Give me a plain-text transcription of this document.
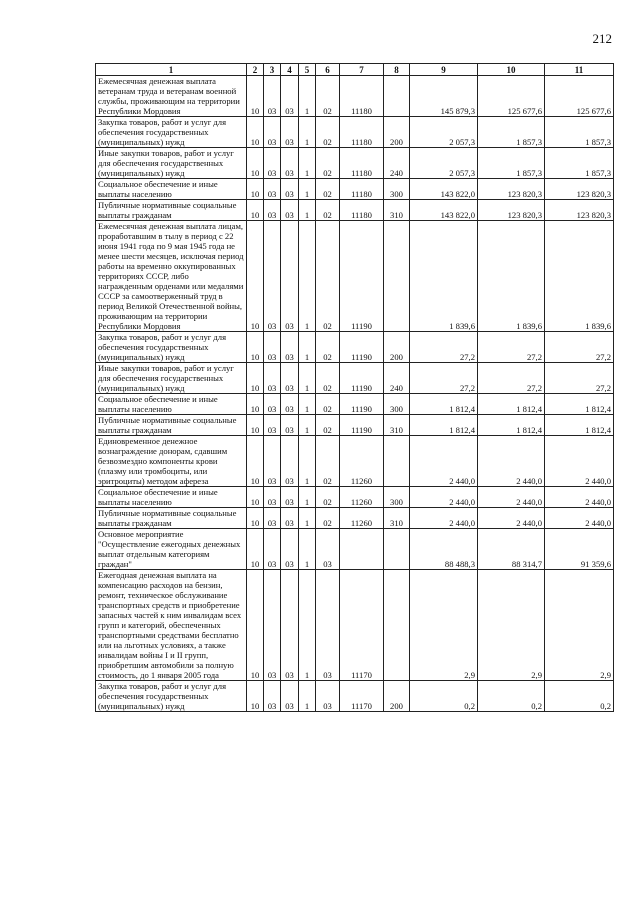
212
1	2	3	4	5	6	7	8	9	10	11
Ежемесячная денежная выплата ветеранам труда и ветеранам военной службы, проживающим на территории Республики Мордовия	10	03	03	1	02	11180		145 879,3	125 677,6	125 677,6
Закупка товаров, работ и услуг для обеспечения государственных (муниципальных) нужд	10	03	03	1	02	11180	200	2 057,3	1 857,3	1 857,3
Иные закупки товаров, работ и услуг для обеспечения государственных (муниципальных) нужд	10	03	03	1	02	11180	240	2 057,3	1 857,3	1 857,3
Социальное обеспечение и иные выплаты населению	10	03	03	1	02	11180	300	143 822,0	123 820,3	123 820,3
Публичные нормативные социальные выплаты гражданам	10	03	03	1	02	11180	310	143 822,0	123 820,3	123 820,3
Ежемесячная денежная выплата лицам, проработавшим в тылу в период с 22 июня 1941 года по 9 мая 1945 года не менее шести месяцев, исключая период работы на временно оккупированных территориях СССР, либо награжденным орденами или медалями СССР за самоотверженный труд в период Великой Отечественной войны, проживающим на территории Республики Мордовия	10	03	03	1	02	11190		1 839,6	1 839,6	1 839,6
Закупка товаров, работ и услуг для обеспечения государственных (муниципальных) нужд	10	03	03	1	02	11190	200	27,2	27,2	27,2
Иные закупки товаров, работ и услуг для обеспечения государственных (муниципальных) нужд	10	03	03	1	02	11190	240	27,2	27,2	27,2
Социальное обеспечение и иные выплаты населению	10	03	03	1	02	11190	300	1 812,4	1 812,4	1 812,4
Публичные нормативные социальные выплаты гражданам	10	03	03	1	02	11190	310	1 812,4	1 812,4	1 812,4
Единовременное денежное вознаграждение донорам, сдавшим безвозмездно компоненты крови (плазму или тромбоциты, или эритроциты) методом афереза	10	03	03	1	02	11260		2 440,0	2 440,0	2 440,0
Социальное обеспечение и иные выплаты населению	10	03	03	1	02	11260	300	2 440,0	2 440,0	2 440,0
Публичные нормативные социальные выплаты гражданам	10	03	03	1	02	11260	310	2 440,0	2 440,0	2 440,0
Основное мероприятие "Осуществление ежегодных денежных выплат отдельным категориям граждан"	10	03	03	1	03			88 488,3	88 314,7	91 359,6
Ежегодная денежная выплата на компенсацию расходов на бензин, ремонт, техническое обслуживание транспортных средств и приобретение запасных частей к ним инвалидам всех групп и категорий, обеспеченных транспортными средствами бесплатно или на льготных условиях, а также инвалидам войны I и II групп, приобретшим автомобили за полную стоимость, до 1 января 2005 года	10	03	03	1	03	11170		2,9	2,9	2,9
Закупка товаров, работ и услуг для обеспечения государственных (муниципальных) нужд	10	03	03	1	03	11170	200	0,2	0,2	0,2
